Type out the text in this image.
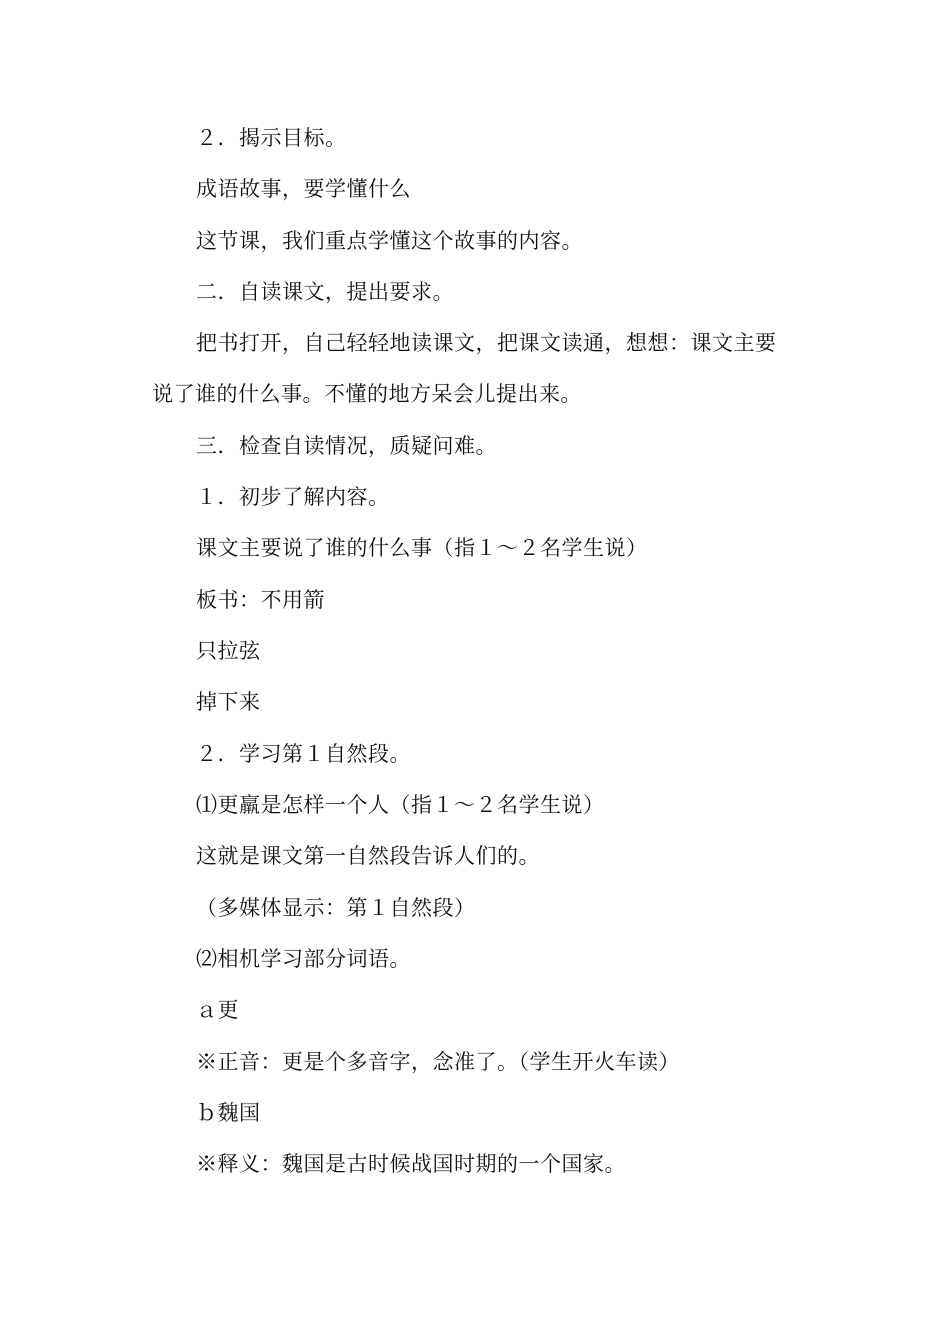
２．揭示目标。
成语故事，要学懂什么
这节课，我们重点学懂这个故事的内容。
二．自读课文，提出要求。
把书打开，自己轻轻地读课文，把课文读通，想想：课文主要
说了谁的什么事。不懂的地方呆会儿提出来。
三．检查自读情况，质疑问难。
１．初步了解内容。
课文主要说了谁的什么事（指１～２名学生说）
板书：不用箭
只拉弦
掉下来
２．学习第１自然段。
⑴更羸是怎样一个人（指１～２名学生说）
这就是课文第一自然段告诉人们的。
（多媒体显示：第１自然段）
⑵相机学习部分词语。
ａ更
※正音：更是个多音字，念准了。（学生开火车读）
ｂ魏国
※释义：魏国是古时候战国时期的一个国家。
